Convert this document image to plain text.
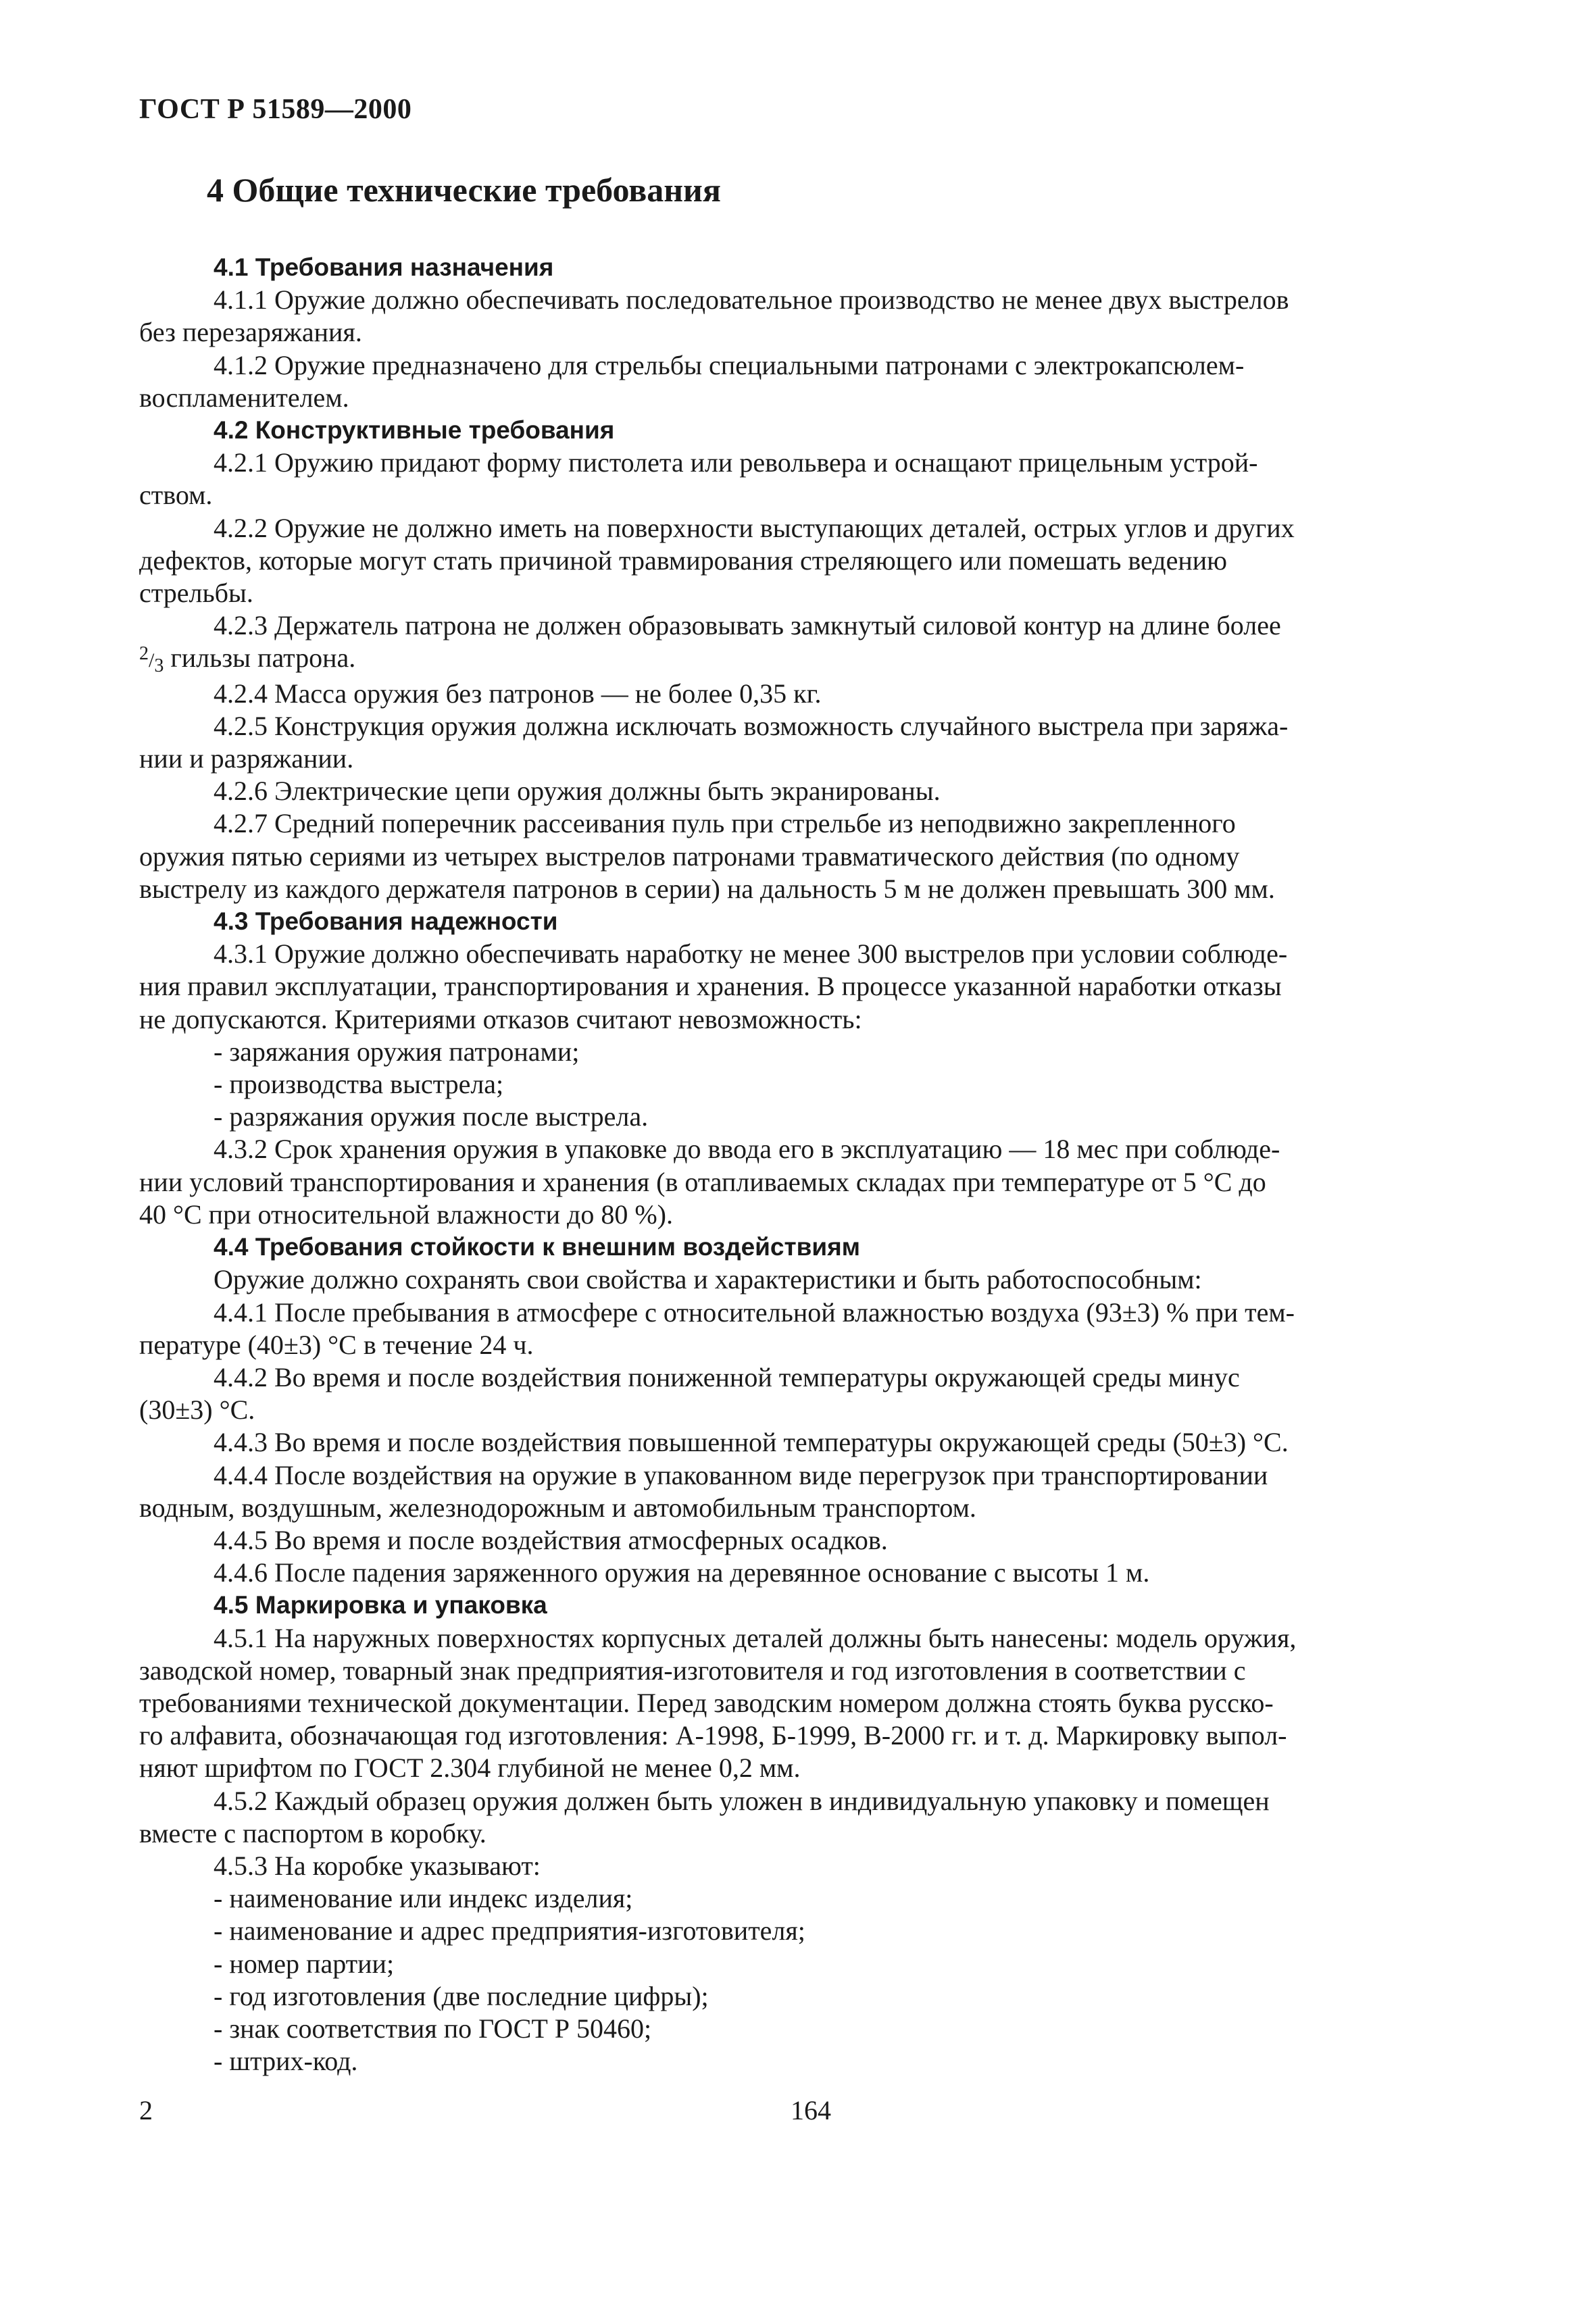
ГОСТ Р 51589—2000
4 Общие технические требования
4.1 Требования назначения
4.1.1 Оружие должно обеспечивать последовательное производство не менее двух выстрелов
без перезаряжания.
4.1.2 Оружие предназначено для стрельбы специальными патронами с электрокапсюлем-
воспламенителем.
4.2 Конструктивные требования
4.2.1 Оружию придают форму пистолета или револьвера и оснащают прицельным устрой-
ством.
4.2.2 Оружие не должно иметь на поверхности выступающих деталей, острых углов и других
дефектов, которые могут стать причиной травмирования стреляющего или помешать ведению
стрельбы.
4.2.3 Держатель патрона не должен образовывать замкнутый силовой контур на длине более
$^2/_3$ гильзы патрона.
4.2.4 Масса оружия без патронов — не более 0,35 кг.
4.2.5 Конструкция оружия должна исключать возможность случайного выстрела при заряжа-
нии и разряжании.
4.2.6 Электрические цепи оружия должны быть экранированы.
4.2.7 Средний поперечник рассеивания пуль при стрельбе из неподвижно закрепленного
оружия пятью сериями из четырех выстрелов патронами травматического действия (по одному
выстрелу из каждого держателя патронов в серии) на дальность 5 м не должен превышать 300 мм.
4.3 Требования надежности
4.3.1 Оружие должно обеспечивать наработку не менее 300 выстрелов при условии соблюде-
ния правил эксплуатации, транспортирования и хранения. В процессе указанной наработки отказы
не допускаются. Критериями отказов считают невозможность:
- заряжания оружия патронами;
- производства выстрела;
- разряжания оружия после выстрела.
4.3.2 Срок хранения оружия в упаковке до ввода его в эксплуатацию — 18 мес при соблюде-
нии условий транспортирования и хранения (в отапливаемых складах при температуре от 5 °С до
40 °С при относительной влажности до 80 %).
4.4 Требования стойкости к внешним воздействиям
Оружие должно сохранять свои свойства и характеристики и быть работоспособным:
4.4.1 После пребывания в атмосфере с относительной влажностью воздуха (93±3) % при тем-
пературе (40±3) °С в течение 24 ч.
4.4.2 Во время и после воздействия пониженной температуры окружающей среды минус
(30±3) °С.
4.4.3 Во время и после воздействия повышенной температуры окружающей среды (50±3) °С.
4.4.4 После воздействия на оружие в упакованном виде перегрузок при транспортировании
водным, воздушным, железнодорожным и автомобильным транспортом.
4.4.5 Во время и после воздействия атмосферных осадков.
4.4.6 После падения заряженного оружия на деревянное основание с высоты 1 м.
4.5 Маркировка и упаковка
4.5.1 На наружных поверхностях корпусных деталей должны быть нанесены: модель оружия,
заводской номер, товарный знак предприятия-изготовителя и год изготовления в соответствии с
требованиями технической документации. Перед заводским номером должна стоять буква русско-
го алфавита, обозначающая год изготовления: А-1998, Б-1999, В-2000 гг. и т. д. Маркировку выпол-
няют шрифтом по ГОСТ 2.304 глубиной не менее 0,2 мм.
4.5.2 Каждый образец оружия должен быть уложен в индивидуальную упаковку и помещен
вместе с паспортом в коробку.
4.5.3 На коробке указывают:
- наименование или индекс изделия;
- наименование и адрес предприятия-изготовителя;
- номер партии;
- год изготовления (две последние цифры);
- знак соответствия по ГОСТ Р 50460;
- штрих-код.
2	164
